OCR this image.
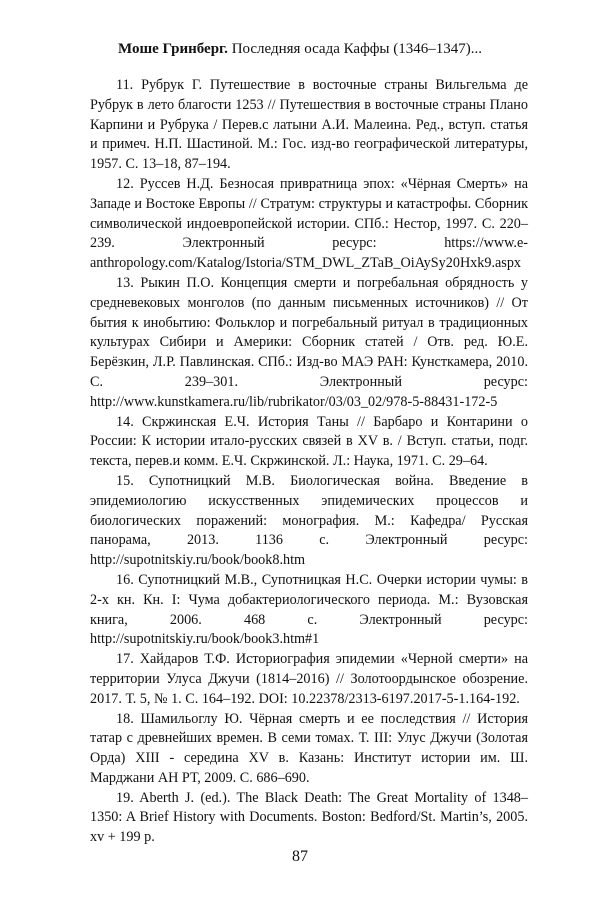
Моше Гринберг. Последняя осада Каффы (1346–1347)...

11. Рубрук Г. Путешествие в восточные страны Вильгельма де Рубрук в лето благости 1253 // Путешествия в восточные страны Плано Карпини и Рубрука / Перев.с латыни А.И. Малеина. Ред., вступ. статья и примеч. Н.П. Шастиной. М.: Гос. изд-во географической литературы, 1957. С. 13–18, 87–194.

12. Руссев Н.Д. Безносая привратница эпох: «Чёрная Смерть» на Западе и Востоке Европы // Стратум: структуры и катастрофы. Сборник символической индоевропейской истории. СПб.: Нестор, 1997. С. 220–239. Электронный ресурс: https://www.e-anthropology.com/Katalog/Istoria/STM_DWL_ZTaB_OiAySy20Hxk9.aspx

13. Рыкин П.О. Концепция смерти и погребальная обрядность у средневековых монголов (по данным письменных источников) // От бытия к инобытию: Фольклор и погребальный ритуал в традиционных культурах Сибири и Америки: Сборник статей / Отв. ред. Ю.Е. Берёзкин, Л.Р. Павлинская. СПб.: Изд-во МАЭ РАН: Кунсткамера, 2010. С. 239–301. Электронный ресурс: http://www.kunstkamera.ru/lib/rubrikator/03/03_02/978-5-88431-172-5

14. Скржинская Е.Ч. История Таны // Барбаро и Контарини о России: К истории итало-русских связей в XV в. / Вступ. статьи, подг. текста, перев.и комм. Е.Ч. Скржинской. Л.: Наука, 1971. С. 29–64.

15. Супотницкий М.В. Биологическая война. Введение в эпидемиологию искусственных эпидемических процессов и биологических поражений: монография. М.: Кафедра/ Русская панорама, 2013. 1136 с. Электронный ресурс: http://supotnitskiy.ru/book/book8.htm

16. Супотницкий М.В., Супотницкая Н.С. Очерки истории чумы: в 2-х кн. Кн. I: Чума добактериологического периода. М.: Вузовская книга, 2006. 468 с. Электронный ресурс: http://supotnitskiy.ru/book/book3.htm#1

17. Хайдаров Т.Ф. Историография эпидемии «Черной смерти» на территории Улуса Джучи (1814–2016) // Золотоордынское обозрение. 2017. Т. 5, № 1. С. 164–192. DOI: 10.22378/2313-6197.2017-5-1.164-192.

18. Шамильоглу Ю. Чёрная смерть и ее последствия // История татар с древнейших времен. В семи томах. Т. III: Улус Джучи (Золотая Орда) XIII - середина XV в. Казань: Институт истории им. Ш. Марджани АН РТ, 2009. С. 686–690.

19. Aberth J. (ed.). The Black Death: The Great Mortality of 1348–1350: A Brief History with Documents. Boston: Bedford/St. Martin’s, 2005. xv + 199 p.

87
